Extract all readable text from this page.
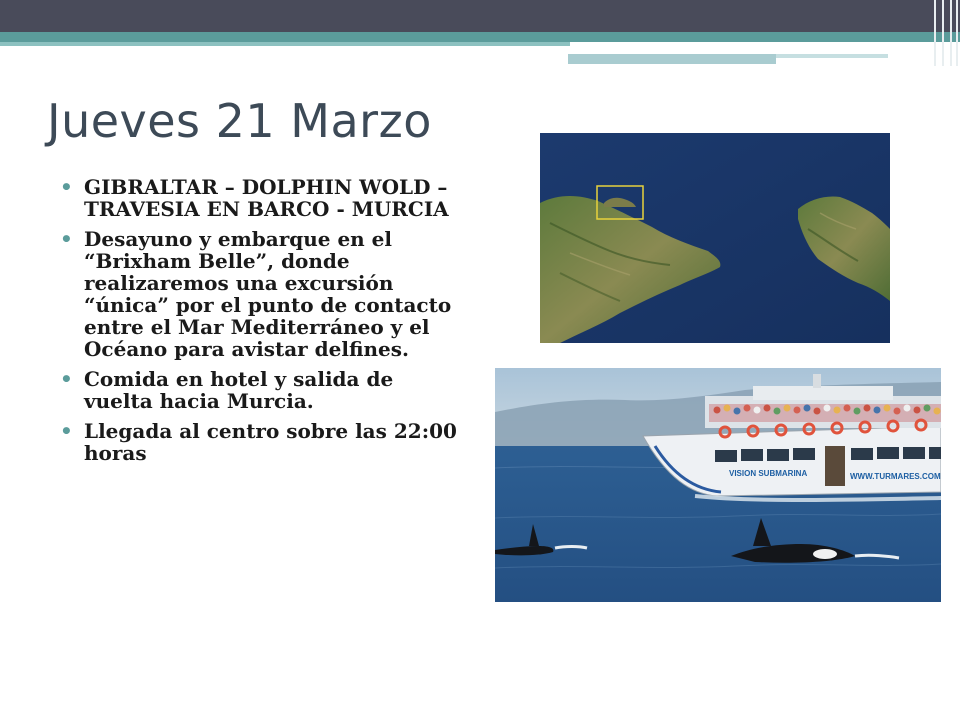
Jueves 21 Marzo
• GIBRALTAR – DOLPHIN WOLD – TRAVESIA EN BARCO - MURCIA
• Desayuno y embarque en el “Brixham Belle”, donde realizaremos una excursión “única” por el punto de contacto entre el Mar Mediterráneo y el Océano para avistar delfines.
• Comida en hotel y salida de vuelta hacia Murcia.
• Llegada al centro sobre las 22:00 horas
VISION SUBMARINA	WWW.TURMARES.COM
